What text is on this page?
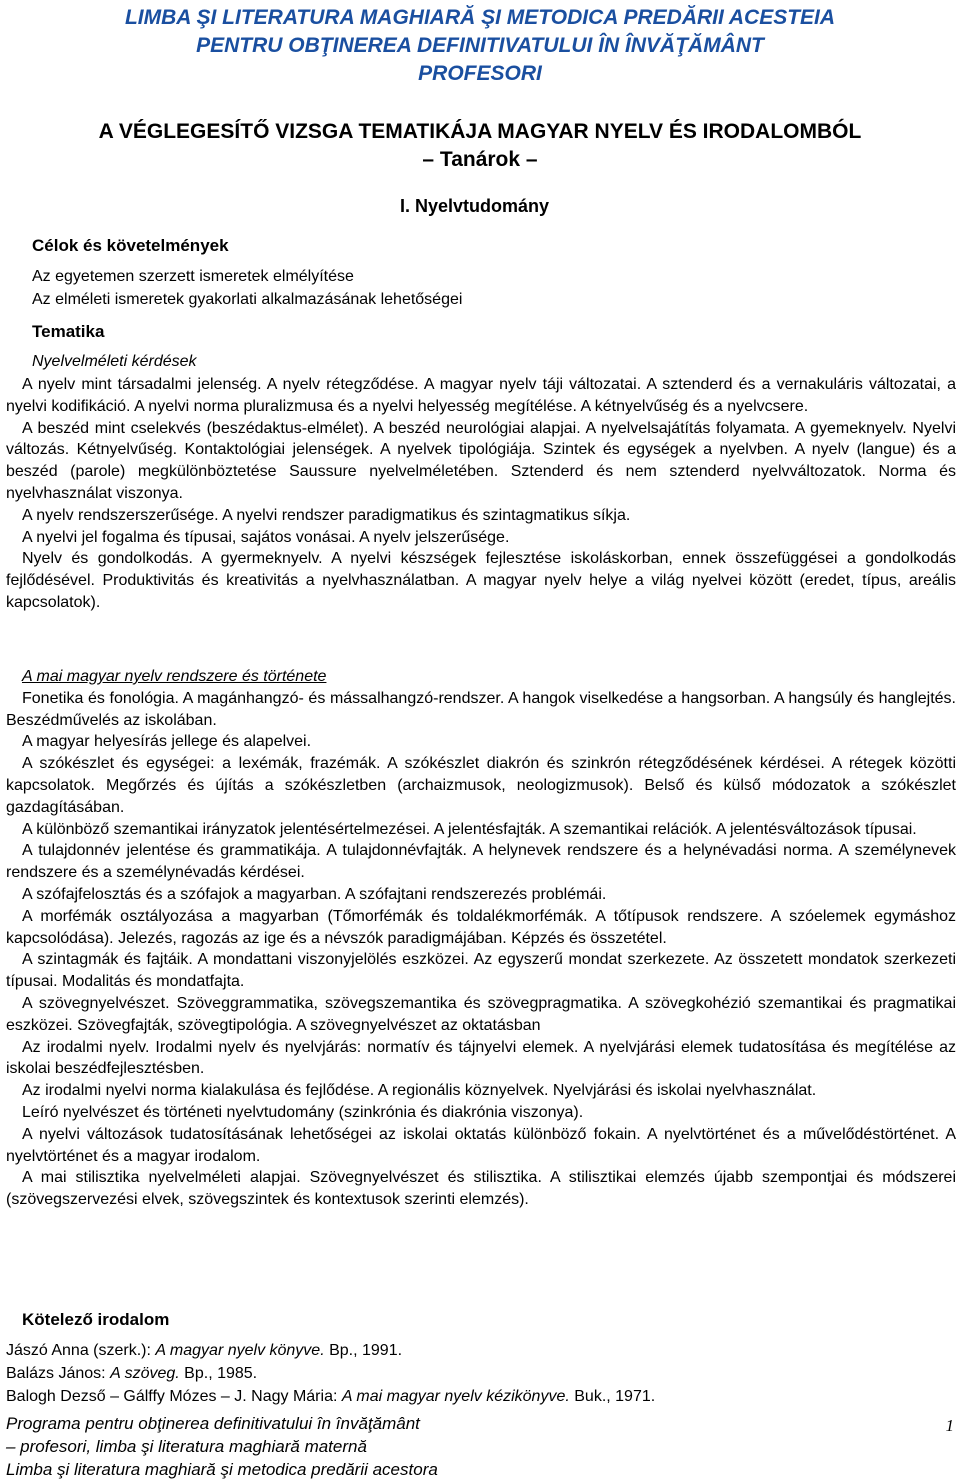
LIMBA ŞI LITERATURA MAGHIARĂ ŞI METODICA PREDĂRII ACESTEIA
PENTRU OBŢINEREA DEFINITIVATULUI ÎN ÎNVĂŢĂMÂNT
PROFESORI
A VÉGLEGESÍTŐ VIZSGA TEMATIKÁJA MAGYAR NYELV ÉS IRODALOMBÓL
– Tanárok –
I. Nyelvtudomány
Célok és követelmények
Az egyetemen szerzett ismeretek elmélyítése
Az elméleti ismeretek gyakorlati alkalmazásának lehetőségei
Tematika
Nyelvelméleti kérdések
A nyelv mint társadalmi jelenség. A nyelv rétegződése. A magyar nyelv táji változatai. A sztenderd és a vernakuláris változatai, a nyelvi kodifikáció. A nyelvi norma pluralizmusa és a nyelvi helyesség megítélése. A kétnyelvűség és a nyelvcsere.
A beszéd mint cselekvés (beszédaktus-elmélet). A beszéd neurológiai alapjai. A nyelvelsajátítás folyamata. A gyemeknyelv. Nyelvi változás. Kétnyelvűség. Kontaktológiai jelenségek. A nyelvek tipológiája. Szintek és egységek a nyelvben. A nyelv (langue) és a beszéd (parole) megkülönböztetése Saussure nyelvelméletében. Sztenderd és nem sztenderd nyelvváltozatok. Norma és nyelvhasználat viszonya.
A nyelv rendszerszerűsége. A nyelvi rendszer paradigmatikus és szintagmatikus síkja.
A nyelvi jel fogalma és típusai, sajátos vonásai. A nyelv jelszerűsége.
Nyelv és gondolkodás. A gyermeknyelv. A nyelvi készségek fejlesztése iskoláskorban, ennek összefüggései a gondolkodás fejlődésével. Produktivitás és kreativitás a nyelvhasználatban. A magyar nyelv helye a világ nyelvei között (eredet, típus, areális kapcsolatok).
A mai magyar nyelv rendszere és története
Fonetika és fonológia. A magánhangzó- és mássalhangzó-rendszer. A hangok viselkedése a hangsorban. A hangsúly és hanglejtés. Beszédművelés az iskolában.
A magyar helyesírás jellege és alapelvei.
A szókészlet és egységei: a lexémák, frazémák. A szókészlet diakrón és szinkrón rétegződésének kérdései. A rétegek közötti kapcsolatok. Megőrzés és újítás a szókészletben (archaizmusok, neologizmusok). Belső és külső módozatok a szókészlet gazdagításában.
A különböző szemantikai irányzatok jelentésértelmezései. A jelentésfajták. A szemantikai relációk. A jelentésváltozások típusai.
A tulajdonnév jelentése és grammatikája. A tulajdonnévfajták. A helynevek rendszere és a helynévadási norma. A személynevek rendszere és a személynévadás kérdései.
A szófajfelosztás és a szófajok a magyarban. A szófajtani rendszerezés problémái.
A morfémák osztályozása a magyarban (Tőmorfémák és toldalékmorfémák. A tőtípusok rendszere. A szóelemek egymáshoz kapcsolódása). Jelezés, ragozás az ige és a névszók paradigmájában. Képzés és összetétel.
A szintagmák és fajtáik. A mondattani viszonyjelölés eszközei. Az egyszerű mondat szerkezete. Az összetett mondatok szerkezeti típusai. Modalitás és mondatfajta.
A szövegnyelvészet. Szöveggrammatika, szövegszemantika és szövegpragmatika. A szövegkohézió szemantikai és pragmatikai eszközei. Szövegfajták, szövegtipológia. A szövegnyelvészet az oktatásban
Az irodalmi nyelv. Irodalmi nyelv és nyelvjárás: normatív és tájnyelvi elemek. A nyelvjárási elemek tudatosítása és megítélése az iskolai beszédfejlesztésben.
Az irodalmi nyelvi norma kialakulása és fejlődése. A regionális köznyelvek. Nyelvjárási és iskolai nyelvhasználat.
Leíró nyelvészet és történeti nyelvtudomány (szinkrónia és diakrónia viszonya).
A nyelvi változások tudatosításának lehetőségei az iskolai oktatás különböző fokain. A nyelvtörténet és a művelődéstörténet. A nyelvtörténet és a magyar irodalom.
A mai stilisztika nyelvelméleti alapjai. Szövegnyelvészet és stilisztika. A stilisztikai elemzés újabb szempontjai és módszerei (szövegszervezési elvek, szövegszintek és kontextusok szerinti elemzés).
Kötelező irodalom
Jászó Anna (szerk.): A magyar nyelv könyve. Bp., 1991.
Balázs János: A szöveg. Bp., 1985.
Balogh Dezső – Gálffy Mózes – J. Nagy Mária: A mai magyar nyelv kézikönyve. Buk., 1971.
Programa pentru obţinerea definitivatului în învăţământ
– profesori, limba şi literatura maghiară maternă
Limba şi literatura maghiară şi metodica predării acestora
1
